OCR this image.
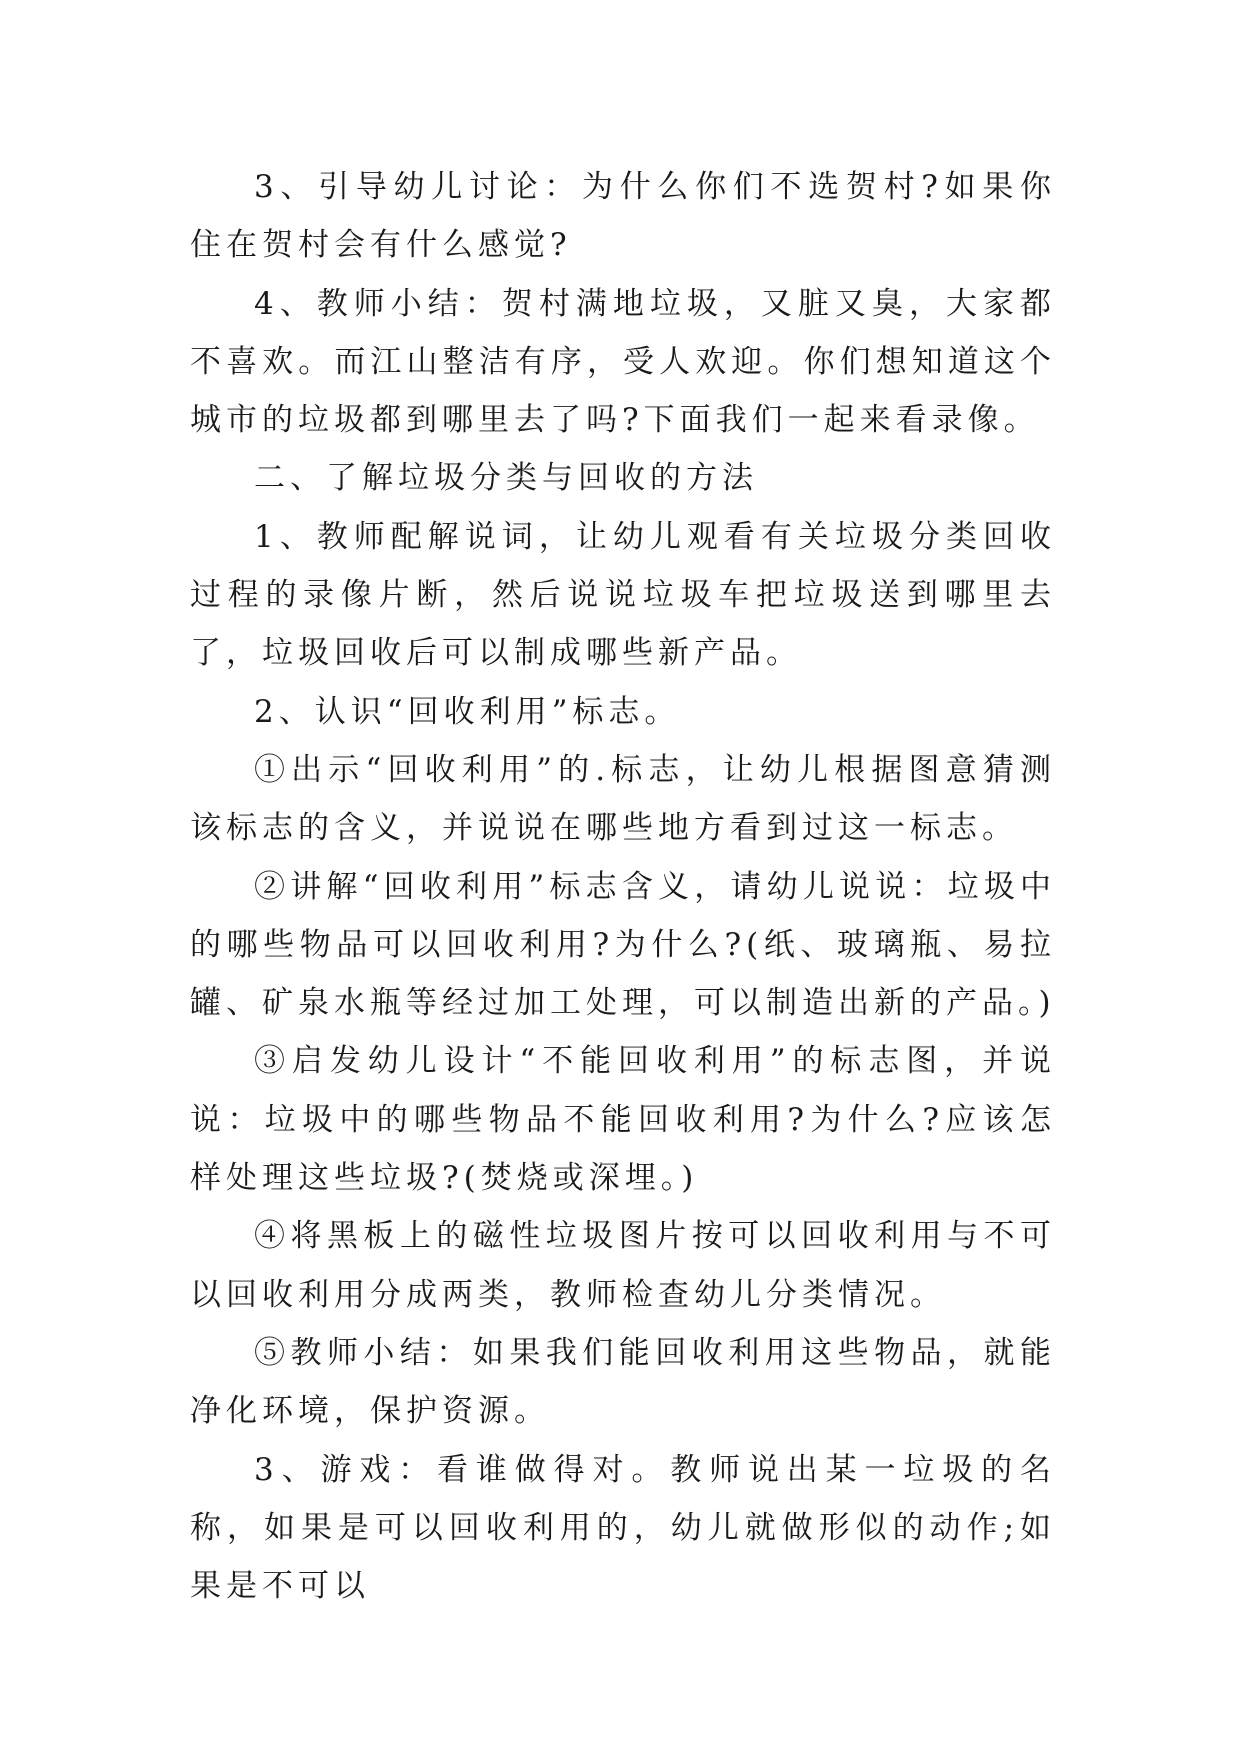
3、引导幼儿讨论：为什么你们不选贺村?如果你住在贺村会有什么感觉?

4、教师小结：贺村满地垃圾，又脏又臭，大家都不喜欢。而江山整洁有序，受人欢迎。你们想知道这个城市的垃圾都到哪里去了吗?下面我们一起来看录像。

二、了解垃圾分类与回收的方法

1、教师配解说词，让幼儿观看有关垃圾分类回收过程的录像片断，然后说说垃圾车把垃圾送到哪里去了，垃圾回收后可以制成哪些新产品。

2、认识“回收利用”标志。

①出示“回收利用”的.标志，让幼儿根据图意猜测该标志的含义，并说说在哪些地方看到过这一标志。

②讲解“回收利用”标志含义，请幼儿说说：垃圾中的哪些物品可以回收利用?为什么?(纸、玻璃瓶、易拉罐、矿泉水瓶等经过加工处理，可以制造出新的产品。)

③启发幼儿设计“不能回收利用”的标志图，并说说：垃圾中的哪些物品不能回收利用?为什么?应该怎样处理这些垃圾?(焚烧或深埋。)

④将黑板上的磁性垃圾图片按可以回收利用与不可以回收利用分成两类，教师检查幼儿分类情况。

⑤教师小结：如果我们能回收利用这些物品，就能净化环境，保护资源。

3、游戏：看谁做得对。教师说出某一垃圾的名称，如果是可以回收利用的，幼儿就做形似的动作;如果是不可以
